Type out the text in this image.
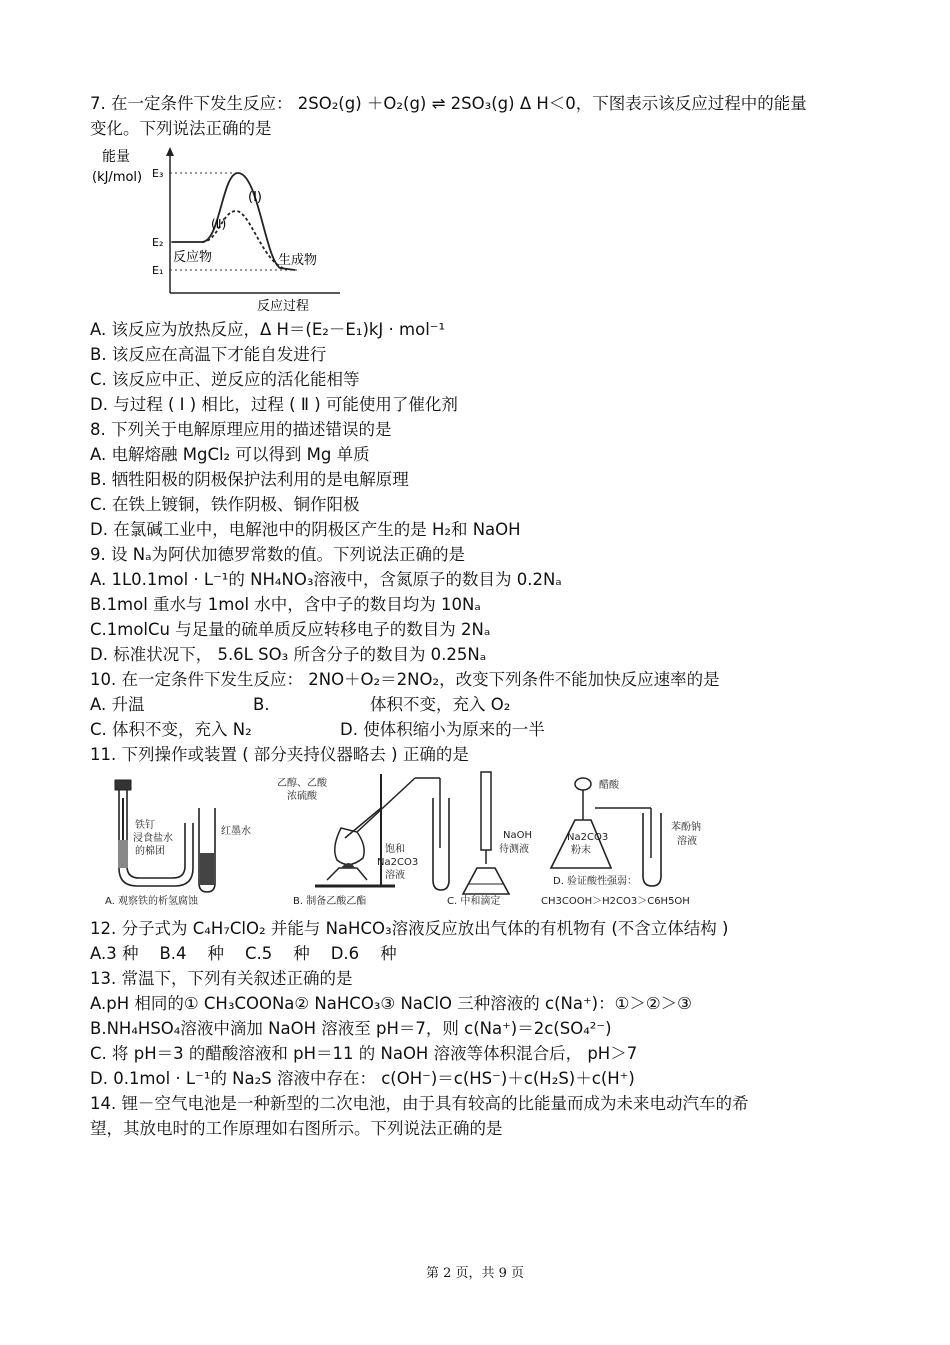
7. 在一定条件下发生反应： 2SO₂(g) ＋O₂(g) ⇌ 2SO₃(g) Δ H＜0，下图表示该反应过程中的能量
变化。下列说法正确的是
能量
(kJ/mol) E₃
E₂
E₁
(Ⅰ)
(Ⅱ)
反应物	生成物
反应过程
A. 该反应为放热反应，Δ H＝(E₂－E₁)kJ · mol⁻¹
B. 该反应在高温下才能自发进行
C. 该反应中正、逆反应的活化能相等
D. 与过程 ( Ⅰ ) 相比，过程 ( Ⅱ ) 可能使用了催化剂
8. 下列关于电解原理应用的描述错误的是
A. 电解熔融 MgCl₂ 可以得到 Mg 单质
B. 牺牲阳极的阴极保护法利用的是电解原理
C. 在铁上镀铜，铁作阴极、铜作阳极
D. 在氯碱工业中，电解池中的阴极区产生的是 H₂和 NaOH
9. 设 Nₐ为阿伏加德罗常数的值。下列说法正确的是
A. 1L0.1mol · L⁻¹的 NH₄NO₃溶液中，含氮原子的数目为 0.2Nₐ
B.1mol 重水与 1mol 水中，含中子的数目均为 10Nₐ
C.1molCu 与足量的硫单质反应转移电子的数目为 2Nₐ
D. 标准状况下， 5.6L SO₃ 所含分子的数目为 0.25Nₐ
10. 在一定条件下发生反应： 2NO＋O₂＝2NO₂，改变下列条件不能加快反应速率的是
A. 升温	B.	体积不变，充入 O₂
C. 体积不变，充入 N₂	D. 使体积缩小为原来的一半
11. 下列操作或装置 ( 部分夹持仪器略去 ) 正确的是
铁钉
浸食盐水
的棉团
红墨水
A. 观察铁的析氢腐蚀
乙醇、乙酸
浓硫酸
饱和
Na2CO3
溶液
B. 制备乙酸乙酯
NaOH
待测液
C. 中和滴定
醋酸
Na2CO3
粉末
苯酚钠
溶液
D. 验证酸性强弱：
CH3COOH＞H2CO3＞C6H5OH
12. 分子式为 C₄H₇ClO₂ 并能与 NaHCO₃溶液反应放出气体的有机物有 (不含立体结构 )
A.3 种    B.4    种    C.5    种    D.6    种
13. 常温下，下列有关叙述正确的是
A.pH 相同的① CH₃COONa② NaHCO₃③ NaClO 三种溶液的 c(Na⁺)：①＞②＞③
B.NH₄HSO₄溶液中滴加 NaOH 溶液至 pH＝7，则 c(Na⁺)＝2c(SO₄²⁻)
C. 将 pH＝3 的醋酸溶液和 pH＝11 的 NaOH 溶液等体积混合后， pH＞7
D. 0.1mol · L⁻¹的 Na₂S 溶液中存在： c(OH⁻)＝c(HS⁻)＋c(H₂S)＋c(H⁺)
14. 锂－空气电池是一种新型的二次电池，由于具有较高的比能量而成为未来电动汽车的希
望，其放电时的工作原理如右图所示。下列说法正确的是
第 2 页，共 9 页
